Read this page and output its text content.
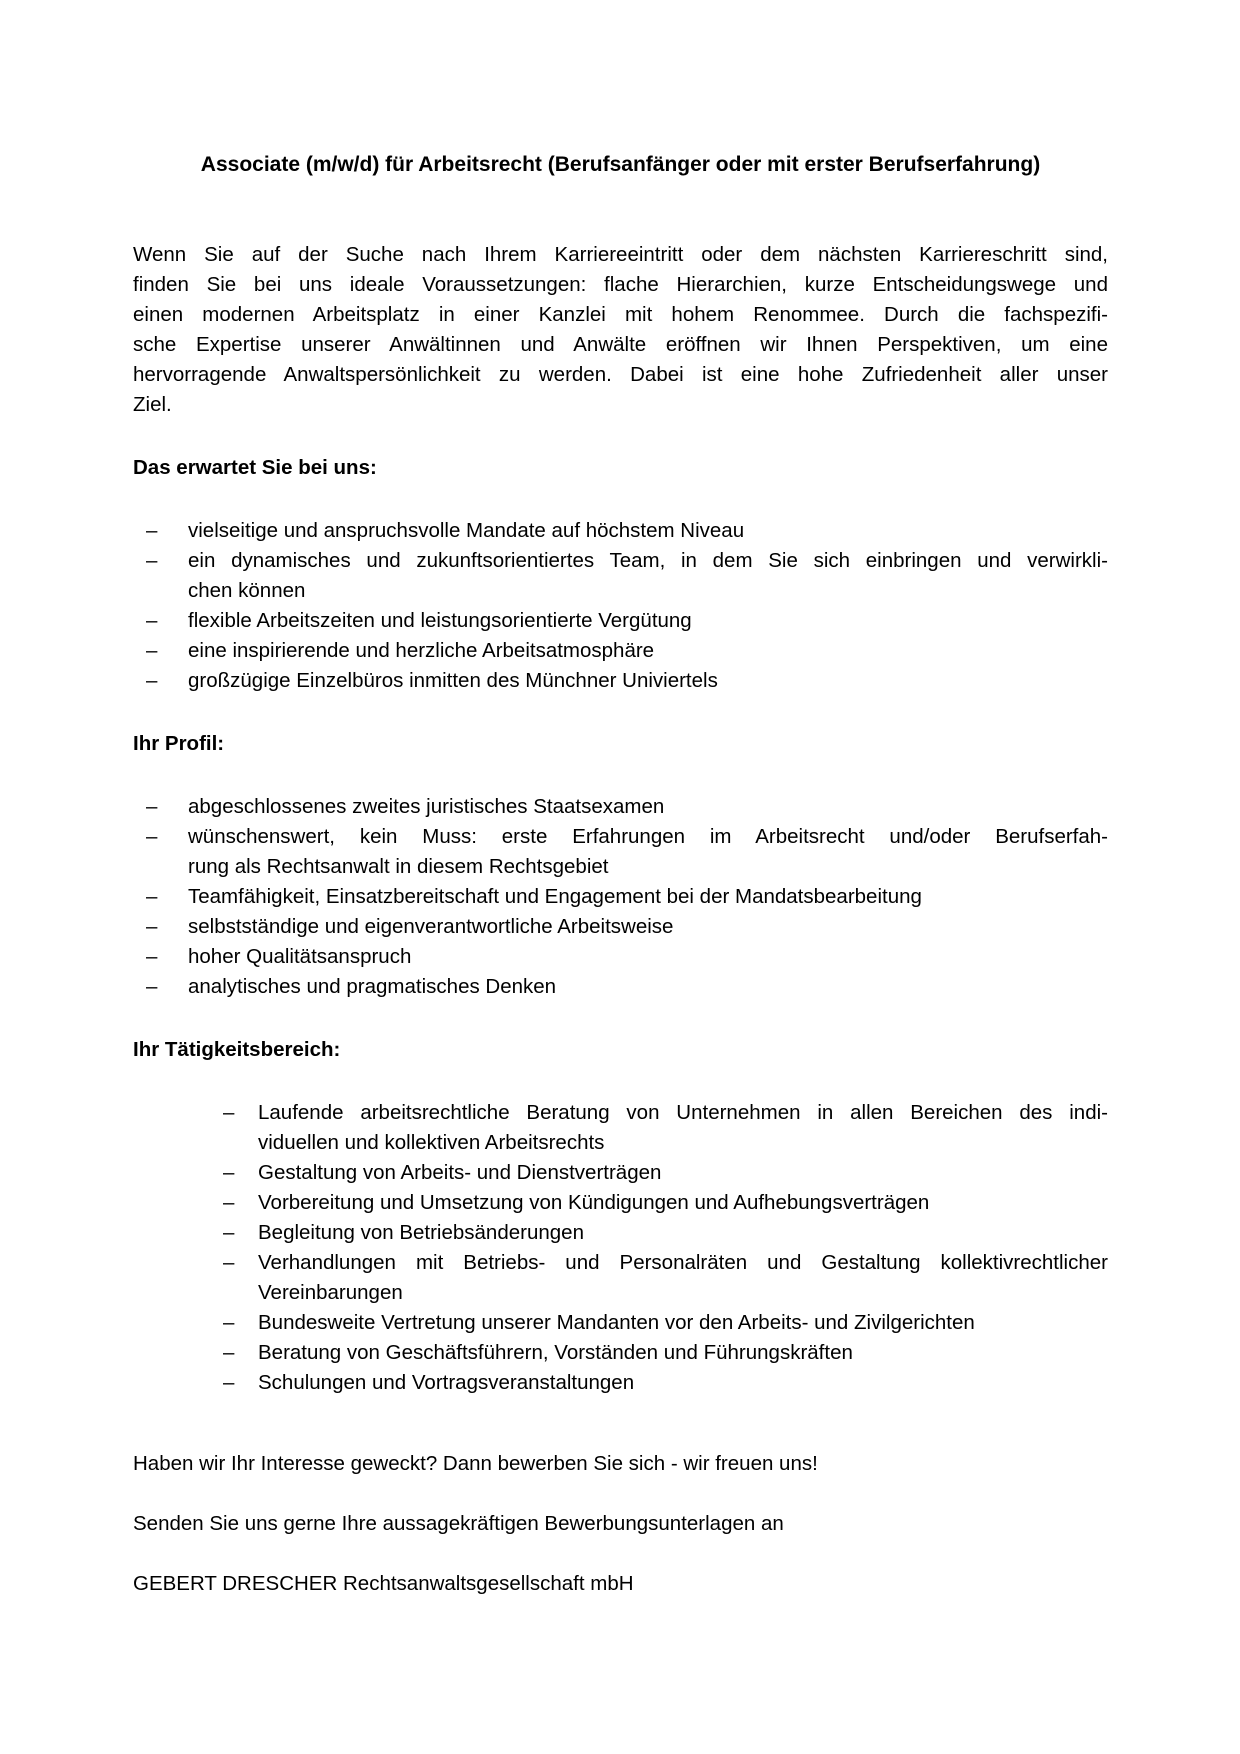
Associate (m/w/d) für Arbeitsrecht (Berufsanfänger oder mit erster Berufserfahrung)
Wenn Sie auf der Suche nach Ihrem Karriereeintritt oder dem nächsten Karriereschritt sind,
finden Sie bei uns ideale Voraussetzungen: flache Hierarchien, kurze Entscheidungswege und
einen modernen Arbeitsplatz in einer Kanzlei mit hohem Renommee. Durch die fachspezifi-
sche Expertise unserer Anwältinnen und Anwälte eröffnen wir Ihnen Perspektiven, um eine
hervorragende Anwaltspersönlichkeit zu werden. Dabei ist eine hohe Zufriedenheit aller unser
Ziel.
Das erwartet Sie bei uns:
– vielseitige und anspruchsvolle Mandate auf höchstem Niveau
– ein dynamisches und zukunftsorientiertes Team, in dem Sie sich einbringen und verwirkli-
chen können
– flexible Arbeitszeiten und leistungsorientierte Vergütung
– eine inspirierende und herzliche Arbeitsatmosphäre
– großzügige Einzelbüros inmitten des Münchner Univiertels
Ihr Profil:
– abgeschlossenes zweites juristisches Staatsexamen
– wünschenswert, kein Muss: erste Erfahrungen im Arbeitsrecht und/oder Berufserfah-
rung als Rechtsanwalt in diesem Rechtsgebiet
– Teamfähigkeit, Einsatzbereitschaft und Engagement bei der Mandatsbearbeitung
– selbstständige und eigenverantwortliche Arbeitsweise
– hoher Qualitätsanspruch
– analytisches und pragmatisches Denken
Ihr Tätigkeitsbereich:
– Laufende arbeitsrechtliche Beratung von Unternehmen in allen Bereichen des indi-
viduellen und kollektiven Arbeitsrechts
– Gestaltung von Arbeits- und Dienstverträgen
– Vorbereitung und Umsetzung von Kündigungen und Aufhebungsverträgen
– Begleitung von Betriebsänderungen
– Verhandlungen mit Betriebs- und Personalräten und Gestaltung kollektivrechtlicher
Vereinbarungen
– Bundesweite Vertretung unserer Mandanten vor den Arbeits- und Zivilgerichten
– Beratung von Geschäftsführern, Vorständen und Führungskräften
– Schulungen und Vortragsveranstaltungen

Haben wir Ihr Interesse geweckt? Dann bewerben Sie sich - wir freuen uns!

Senden Sie uns gerne Ihre aussagekräftigen Bewerbungsunterlagen an

GEBERT DRESCHER Rechtsanwaltsgesellschaft mbH
